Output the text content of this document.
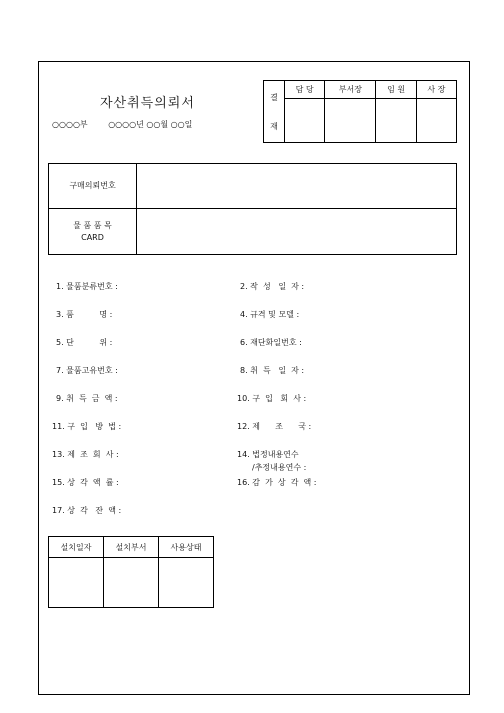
자산취득의뢰서
○○○○부	○○○○년 ○○월 ○○일
결
재	담 당	부서장	임 원	사 장

구매의뢰번호	

물 품 품 목
CARD	

1. 물품분류번호 :	2. 작  성   일  자 :
3. 품          명 :	4. 규격 및 모델 :
5. 단          위 :	6. 재단화일번호 :
7. 물품고유번호 :	8. 취  득   일  자 :
9. 취  득  금  액 :	10. 구  입   회  사 :
11. 구  입   방  법 :	12. 제      조      국 :
13. 제  조  회  사 :	14. 법정내용연수
/추정내용연수 :
15. 상  각  액  률 :	16. 감  가  상  각  액 :
17. 상  각   잔  액 :
설치일자	설치부서	사용상태
